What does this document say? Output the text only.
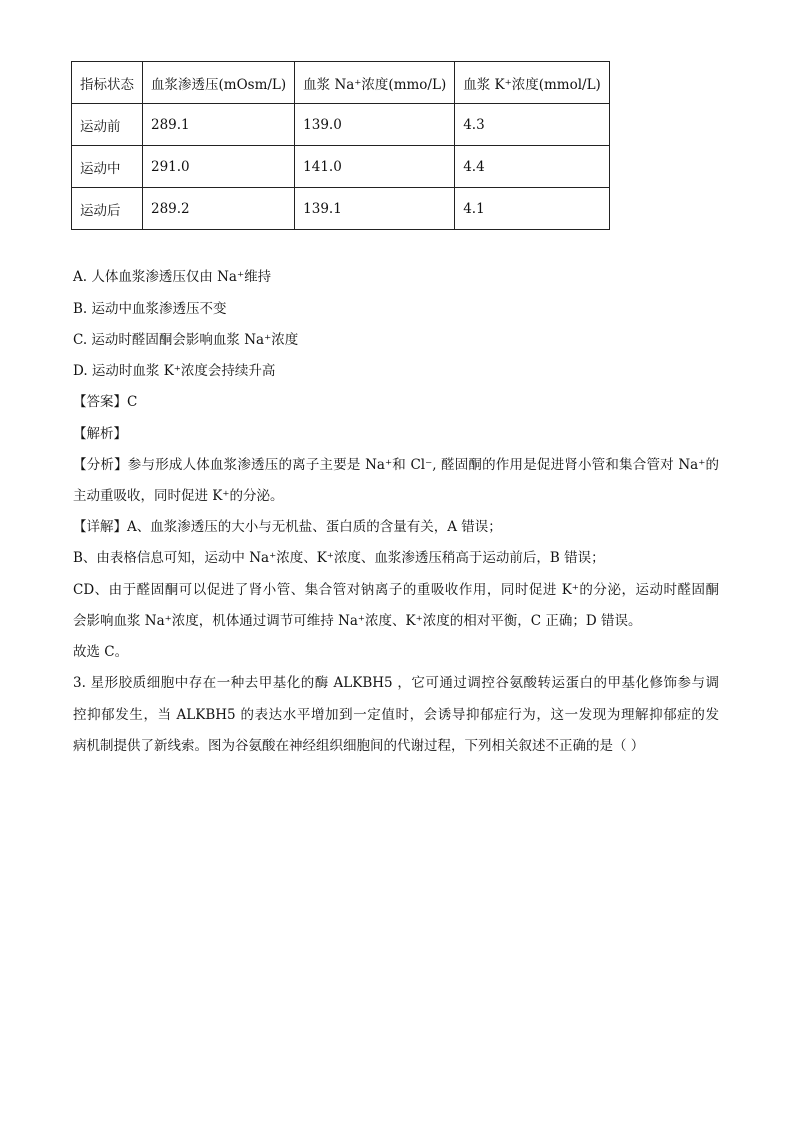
指标状态	血浆渗透压(mOsm/L)	血浆 Na⁺浓度(mmo/L)	血浆 K⁺浓度(mmol/L)
运动前	289.1	139.0	4.3
运动中	291.0	141.0	4.4
运动后	289.2	139.1	4.1
A. 人体血浆渗透压仅由 Na⁺维持
B. 运动中血浆渗透压不变
C. 运动时醛固酮会影响血浆 Na⁺浓度
D. 运动时血浆 K⁺浓度会持续升高
【答案】C
【解析】
【分析】参与形成人体血浆渗透压的离子主要是 Na⁺和 Cl⁻, 醛固酮的作用是促进肾小管和集合管对 Na⁺的
主动重吸收，同时促进 K⁺的分泌。
【详解】A、血浆渗透压的大小与无机盐、蛋白质的含量有关，A 错误；
B、由表格信息可知，运动中 Na⁺浓度、K⁺浓度、血浆渗透压稍高于运动前后，B 错误；
CD、由于醛固酮可以促进了肾小管、集合管对钠离子的重吸收作用，同时促进 K⁺的分泌，运动时醛固酮
会影响血浆 Na⁺浓度，机体通过调节可维持 Na⁺浓度、K⁺浓度的相对平衡，C 正确；D 错误。
故选 C。
3. 星形胶质细胞中存在一种去甲基化的酶 ALKBH5 ，它可通过调控谷氨酸转运蛋白的甲基化修饰参与调
控抑郁发生，当 ALKBH5 的表达水平增加到一定值时，会诱导抑郁症行为，这一发现为理解抑郁症的发
病机制提供了新线索。图为谷氨酸在神经组织细胞间的代谢过程，下列相关叙述不正确的是（ ）
